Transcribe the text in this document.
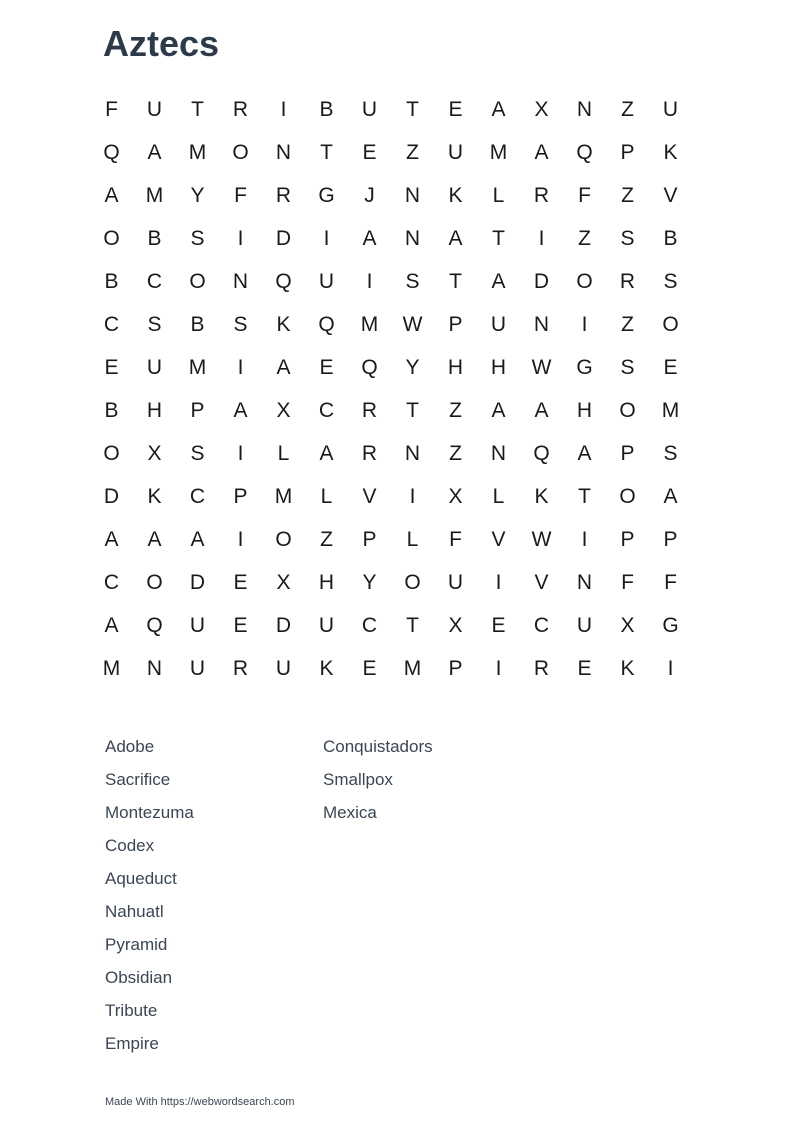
Aztecs
F	U	T	R	I	B	U	T	E	A	X	N	Z	U
Q	A	M	O	N	T	E	Z	U	M	A	Q	P	K
A	M	Y	F	R	G	J	N	K	L	R	F	Z	V
O	B	S	I	D	I	A	N	A	T	I	Z	S	B
B	C	O	N	Q	U	I	S	T	A	D	O	R	S
C	S	B	S	K	Q	M	W	P	U	N	I	Z	O
E	U	M	I	A	E	Q	Y	H	H	W	G	S	E
B	H	P	A	X	C	R	T	Z	A	A	H	O	M
O	X	S	I	L	A	R	N	Z	N	Q	A	P	S
D	K	C	P	M	L	V	I	X	L	K	T	O	A
A	A	A	I	O	Z	P	L	F	V	W	I	P	P
C	O	D	E	X	H	Y	O	U	I	V	N	F	F
A	Q	U	E	D	U	C	T	X	E	C	U	X	G
M	N	U	R	U	K	E	M	P	I	R	E	K	I
Adobe
Sacrifice
Montezuma
Codex
Aqueduct
Nahuatl
Pyramid
Obsidian
Tribute
Empire
Conquistadors
Smallpox
Mexica
Made With https://webwordsearch.com
